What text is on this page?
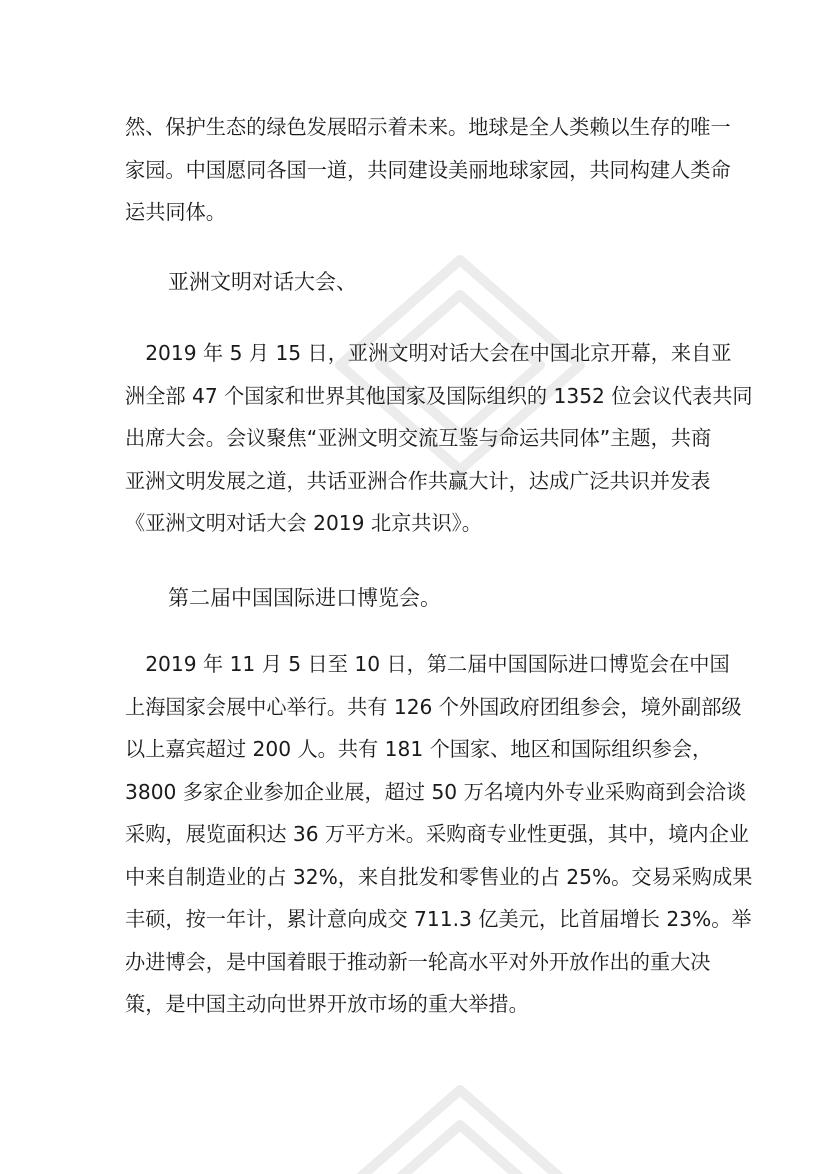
然、保护生态的绿色发展昭示着未来。地球是全人类赖以生存的唯一
家园。中国愿同各国一道，共同建设美丽地球家园，共同构建人类命
运共同体。
亚洲文明对话大会、
　2019 年 5 月 15 日，亚洲文明对话大会在中国北京开幕，来自亚
洲全部 47 个国家和世界其他国家及国际组织的 1352 位会议代表共同
出席大会。会议聚焦“亚洲文明交流互鉴与命运共同体”主题，共商
亚洲文明发展之道，共话亚洲合作共赢大计，达成广泛共识并发表
《亚洲文明对话大会 2019 北京共识》。
第二届中国国际进口博览会。
　2019 年 11 月 5 日至 10 日，第二届中国国际进口博览会在中国
上海国家会展中心举行。共有 126 个外国政府团组参会，境外副部级
以上嘉宾超过 200 人。共有 181 个国家、地区和国际组织参会，
3800 多家企业参加企业展，超过 50 万名境内外专业采购商到会洽谈
采购，展览面积达 36 万平方米。采购商专业性更强，其中，境内企业
中来自制造业的占 32%，来自批发和零售业的占 25%。交易采购成果
丰硕，按一年计，累计意向成交 711.3 亿美元，比首届增长 23%。举
办进博会，是中国着眼于推动新一轮高水平对外开放作出的重大决
策，是中国主动向世界开放市场的重大举措。
